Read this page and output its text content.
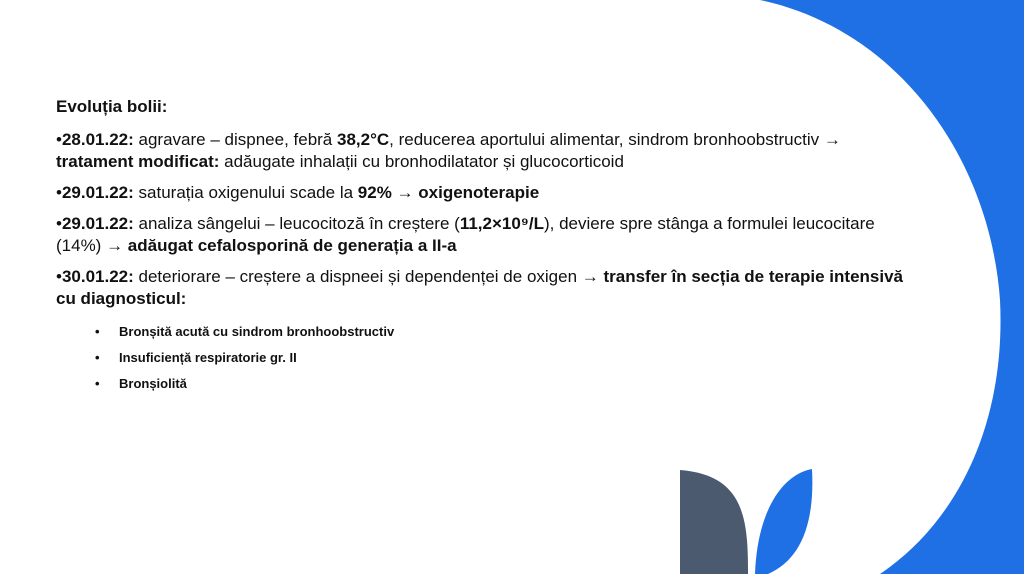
Evoluția bolii:
•28.01.22: agravare – dispnee, febră 38,2°C, reducerea aportului alimentar, sindrom bronhoobstructiv → tratament modificat: adăugate inhalații cu bronhodilatator și glucocorticoid
•29.01.22: saturația oxigenului scade la 92% → oxigenoterapie
•29.01.22: analiza sângelui – leucocitoză în creștere (11,2×10⁹/L), deviere spre stânga a formulei leucocitare (14%) → adăugat cefalosporină de generația a II-a
•30.01.22: deteriorare – creștere a dispneei și dependenței de oxigen → transfer în secția de terapie intensivă cu diagnosticul:
• Bronșită acută cu sindrom bronhoobstructiv
• Insuficiență respiratorie gr. II
• Bronșiolită
